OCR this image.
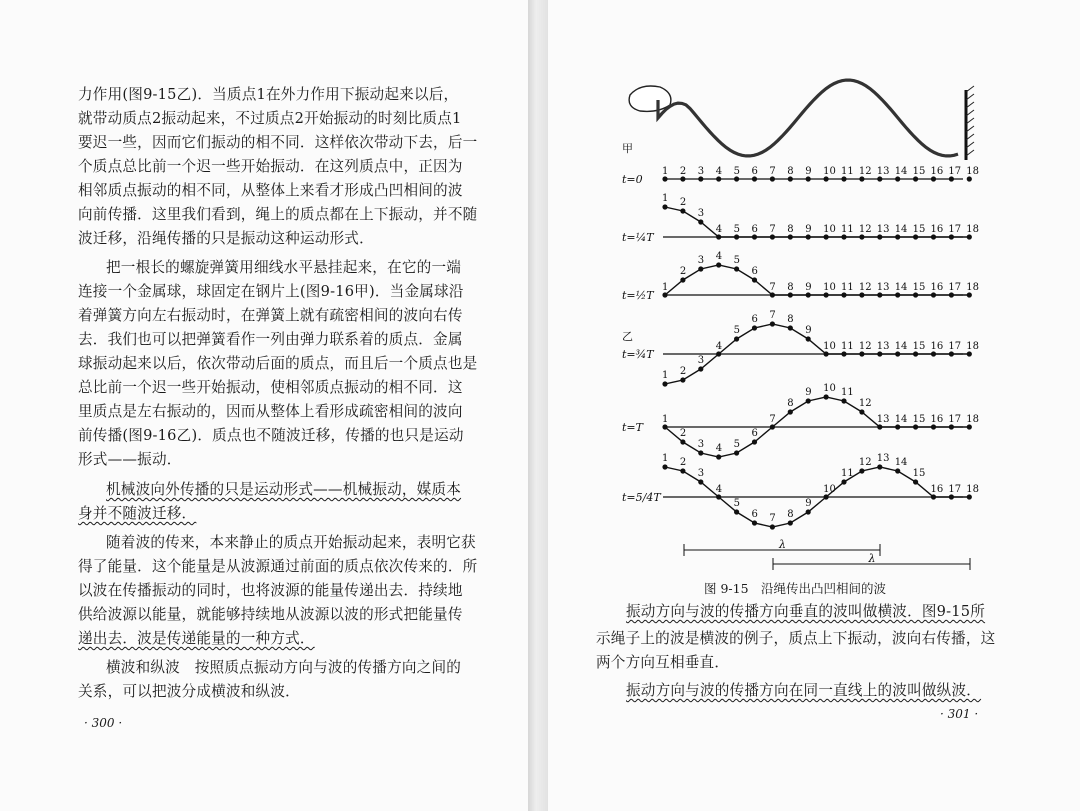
力作用(图9-15乙)．当质点1在外力作用下振动起来以后，
就带动质点2振动起来，不过质点2开始振动的时刻比质点1
要迟一些，因而它们振动的相不同．这样依次带动下去，后一
个质点总比前一个迟一些开始振动．在这列质点中，正因为
相邻质点振动的相不同，从整体上来看才形成凸凹相间的波
向前传播．这里我们看到，绳上的质点都在上下振动，并不随
波迁移，沿绳传播的只是振动这种运动形式．
把一根长的螺旋弹簧用细线水平悬挂起来，在它的一端
连接一个金属球，球固定在钢片上(图9-16甲)．当金属球沿
着弹簧方向左右振动时，在弹簧上就有疏密相间的波向右传
去．我们也可以把弹簧看作一列由弹力联系着的质点．金属
球振动起来以后，依次带动后面的质点，而且后一个质点也是
总比前一个迟一些开始振动，使相邻质点振动的相不同．这
里质点是左右振动的，因而从整体上看形成疏密相间的波向
前传播(图9-16乙)．质点也不随波迁移，传播的也只是运动
形式——振动．
机械波向外传播的只是运动形式——机械振动，媒质本
身并不随波迁移．
随着波的传来，本来静止的质点开始振动起来，表明它获
得了能量．这个能量是从波源通过前面的质点依次传来的．所
以波在传播振动的同时，也将波源的能量传递出去．持续地
供给波源以能量，就能够持续地从波源以波的形式把能量传
递出去．波是传递能量的一种方式．
横波和纵波　按照质点振动方向与波的传播方向之间的
关系，可以把波分成横波和纵波．
· 300 ·
甲
乙
t=0
1 2 3 4 5 6 7 8 9 10 11 12 13 14 15 16 17 18
t=¼T
1 2
3
4 5 6 7 8 9 10 11 12 13 14 15 16 17 18
t=½T
1
2
3 4 5
6
7 8 9 10 11 12 13 14 15 16 17 18
t=¾T
1 2
3
4
5
6 7 8
9
10 11 12 13 14 15 16 17 18
t=T
1
2
3 4 5
6
7
8
9 10 11
12
13 14 15 16 17 18
t=5/4T
1 2
3
4
5
6 7 8
9
10
11
12 13 14
15
16 17 18
λ
λ
图 9-15　沿绳传出凸凹相间的波
振动方向与波的传播方向垂直的波叫做横波．图9-15所
示绳子上的波是横波的例子，质点上下振动，波向右传播，这
两个方向互相垂直．
振动方向与波的传播方向在同一直线上的波叫做纵波．
· 301 ·
